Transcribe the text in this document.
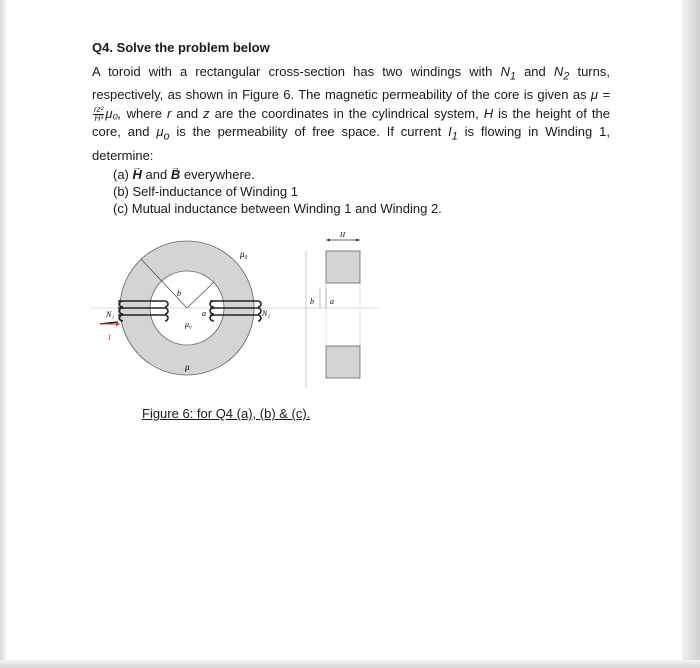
Q4. Solve the problem below
A toroid with a rectangular cross-section has two windings with $N_1$ and $N_2$ turns, respectively, as shown in Figure 6. The magnetic permeability of the core is given as μ =
$\frac{\text{rz²}}{\text{H³}} \mu_0$, where r and z are the coordinates in the cylindrical system, H is the height of the core, and $\mu_o$ is the permeability of free space. If current $I_1$ is flowing in Winding 1, determine:
(a) → H and → B everywhere.
(b) Self-inductance of Winding 1
(c) Mutual inductance between Winding 1 and Winding 2.
μ₀
b
a
μ₀
μ
N₁	N₂
I
H
b a
Figure 6: for Q4 (a), (b) & (c).
